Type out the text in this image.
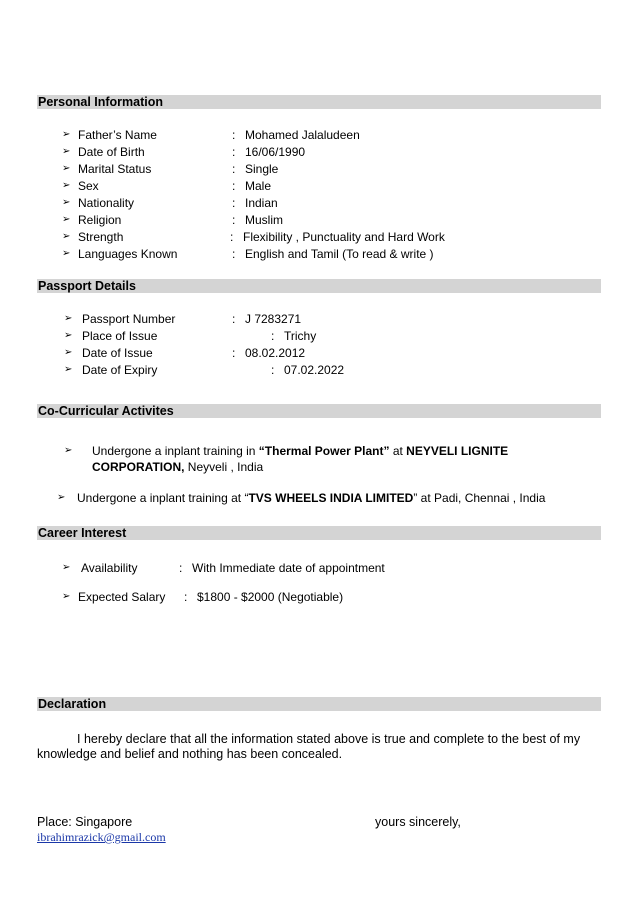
Personal Information
➢ Father’s Name	: Mohamed Jalaludeen
➢ Date of Birth	: 16/06/1990
➢ Marital Status	: Single
➢ Sex	: Male
➢ Nationality	: Indian
➢ Religion	: Muslim
➢ Strength	: Flexibility , Punctuality and Hard Work
➢ Languages Known	: English and Tamil (To read & write )
Passport Details
➢ Passport Number	: J 7283271
➢ Place of Issue	: Trichy
➢ Date of Issue	: 08.02.2012
➢ Date of Expiry	: 07.02.2022
Co-Curricular Activites
➢ Undergone a inplant training in “Thermal Power Plant” at NEYVELI LIGNITE
CORPORATION, Neyveli , India
➢ Undergone a inplant training at “TVS WHEELS INDIA LIMITED” at Padi, Chennai , India
Career Interest
➢ Availability	: With Immediate date of appointment
➢ Expected Salary : $1800 - $2000 (Negotiable)
Declaration
I hereby declare that all the information stated above is true and complete to the best of my
knowledge and belief and nothing has been concealed.
Place: Singapore	yours sincerely,
ibrahimrazick@gmail.com
